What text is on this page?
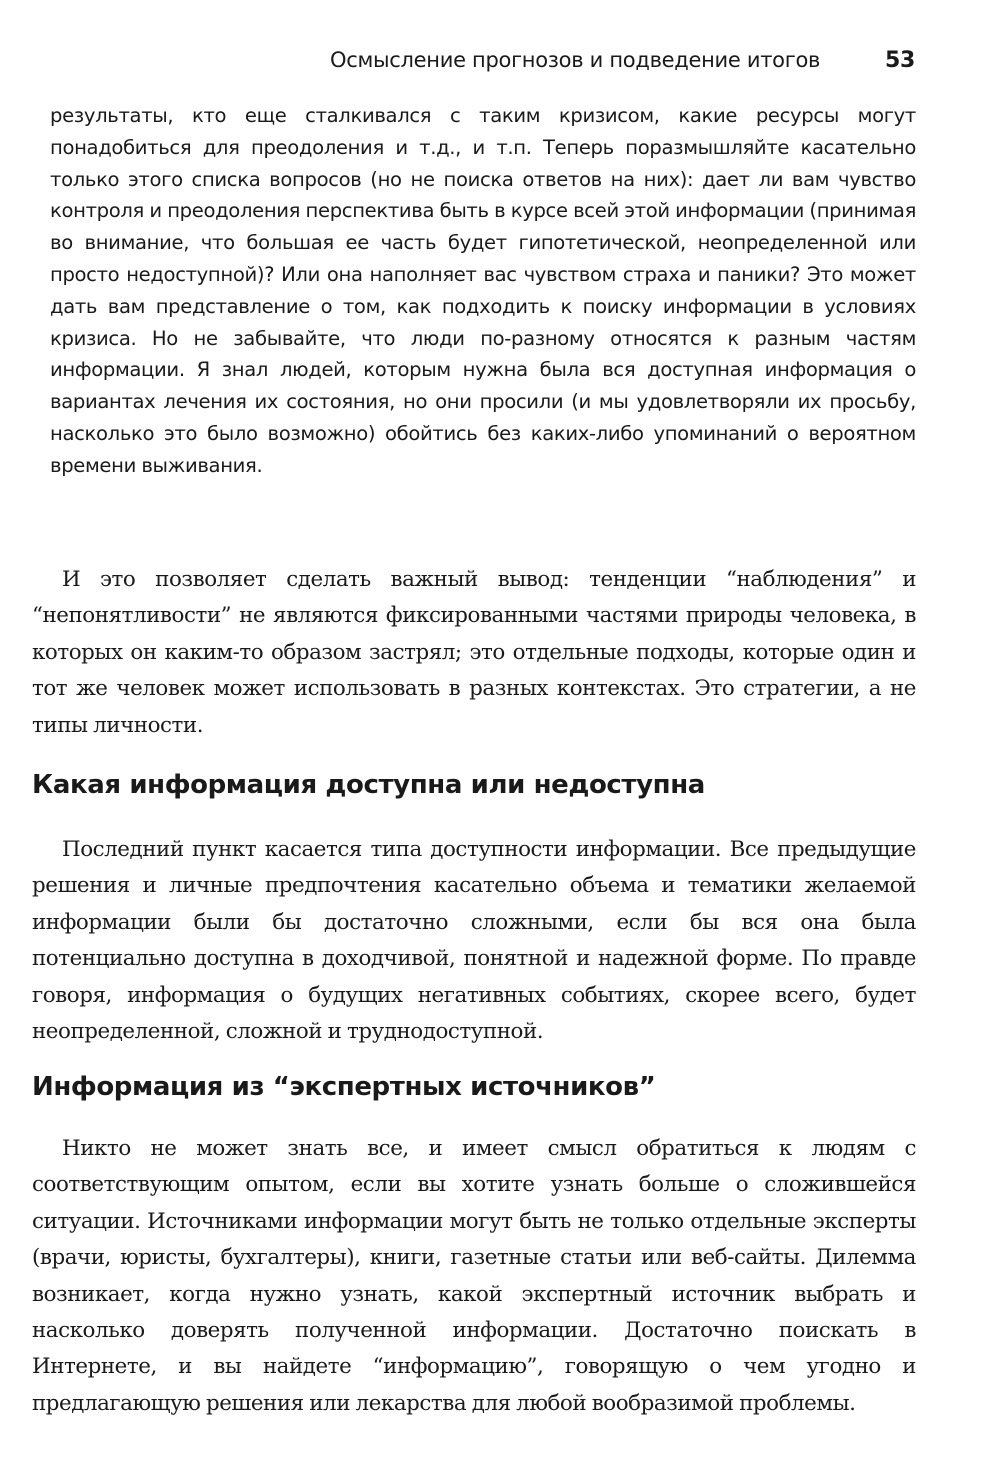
Осмысление прогнозов и подведение итогов	53
результаты, кто еще сталкивался с таким кризисом, какие ресурсы могут понадобиться для преодоления и т.д., и т.п. Теперь поразмышляйте касательно только этого списка вопросов (но не поиска ответов на них): дает ли вам чувство контроля и преодоления перспектива быть в курсе всей этой информации (принимая во внимание, что большая ее часть будет гипотетической, неопределенной или просто недоступной)? Или она наполняет вас чувством страха и паники? Это может дать вам представление о том, как подходить к поиску информации в условиях кризиса. Но не забывайте, что люди по-разному относятся к разным частям информации. Я знал людей, которым нужна была вся доступная информация о вариантах лечения их состояния, но они просили (и мы удовлетворяли их просьбу, насколько это было возможно) обойтись без каких-либо упоминаний о вероятном времени выживания.

И это позволяет сделать важный вывод: тенденции “наблюдения” и “непонятливости” не являются фиксированными частями природы человека, в которых он каким-то образом застрял; это отдельные подходы, которые один и тот же человек может использовать в разных контекстах. Это стратегии, а не типы личности.

Какая информация доступна или недоступна

Последний пункт касается типа доступности информации. Все предыдущие решения и личные предпочтения касательно объема и тематики желаемой информации были бы достаточно сложными, если бы вся она была потенциально доступна в доходчивой, понятной и надежной форме. По правде говоря, информация о будущих негативных событиях, скорее всего, будет неопределенной, сложной и труднодоступной.

Информация из “экспертных источников”

Никто не может знать все, и имеет смысл обратиться к людям с соответствующим опытом, если вы хотите узнать больше о сложившейся ситуации. Источниками информации могут быть не только отдельные эксперты (врачи, юристы, бухгалтеры), книги, газетные статьи или веб-сайты. Дилемма возникает, когда нужно узнать, какой экспертный источник выбрать и насколько доверять полученной информации. Достаточно поискать в Интернете, и вы найдете “информацию”, говорящую о чем угодно и предлагающую решения или лекарства для любой вообразимой проблемы.
